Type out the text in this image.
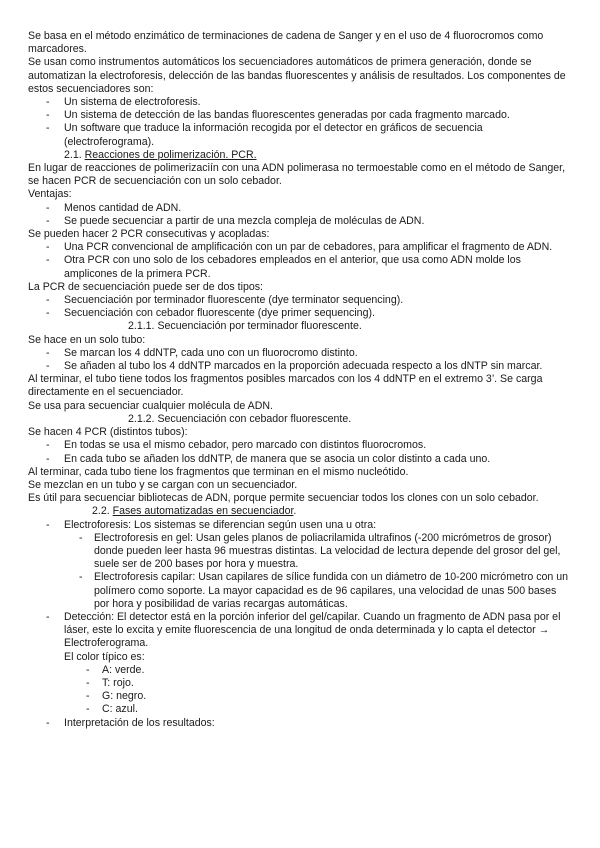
Se basa en el método enzimático de terminaciones de cadena de Sanger y en el uso de 4 fluorocromos como marcadores.

Se usan como instrumentos automáticos los secuenciadores automáticos de primera generación, donde se automatizan la electroforesis, delección de las bandas fluorescentes y análisis de resultados. Los componentes de estos secuenciadores son:

- Un sistema de electroforesis.
- Un sistema de detección de las bandas fluorescentes generadas por cada fragmento marcado.
- Un software que traduce la información recogida por el detector en gráficos de secuencia (electroferograma).

2.1. Reacciones de polimerización. PCR.

En lugar de reacciones de polimerizaciín con una ADN polimerasa no termoestable como en el método de Sanger, se hacen PCR de secuenciación con un solo cebador.

Ventajas:

- Menos cantidad de ADN.
- Se puede secuenciar a partir de una mezcla compleja de moléculas de ADN.

Se pueden hacer 2 PCR consecutivas y acopladas:

- Una PCR convencional de amplificación con un par de cebadores, para amplificar el fragmento de ADN.
- Otra PCR con uno solo de los cebadores empleados en el anterior, que usa como ADN molde los amplicones de la primera PCR.

La PCR de secuenciación puede ser de dos tipos:

- Secuenciación por terminador fluorescente (dye terminator sequencing).
- Secuenciación con cebador fluorescente (dye primer sequencing).

2.1.1. Secuenciación por terminador fluorescente.

Se hace en un solo tubo:

- Se marcan los 4 ddNTP, cada uno con un fluorocromo distinto.
- Se añaden al tubo los 4 ddNTP marcados en la proporción adecuada respecto a los dNTP sin marcar.

Al terminar, el tubo tiene todos los fragmentos posibles marcados con los 4 ddNTP en el extremo 3’. Se carga directamente en el secuenciador.

Se usa para secuenciar cualquier molécula de ADN.

2.1.2. Secuenciación con cebador fluorescente.

Se hacen 4 PCR (distintos tubos):

- En todas se usa el mismo cebador, pero marcado con distintos fluorocromos.
- En cada tubo se añaden los ddNTP, de manera que se asocia un color distinto a cada uno.

Al terminar, cada tubo tiene los fragmentos que terminan en el mismo nucleótido.

Se mezclan en un tubo y se cargan con un secuenciador.

Es útil para secuenciar bibliotecas de ADN, porque permite secuenciar todos los clones con un solo cebador.

2.2. Fases automatizadas en secuenciador.

- Electroforesis: Los sistemas se diferencian según usen una u otra:
- Electroforesis en gel: Usan geles planos de poliacrilamida ultrafinos (-200 micrómetros de grosor) donde pueden leer hasta 96 muestras distintas. La velocidad de lectura depende del grosor del gel, suele ser de 200 bases por hora y muestra.
- Electroforesis capilar: Usan capilares de sílice fundida con un diámetro de 10-200 micrómetro con un polímero como soporte. La mayor capacidad es de 96 capilares, una velocidad de unas 500 bases por hora y posibilidad de varias recargas automáticas.
- Detección: El detector está en la porción inferior del gel/capilar. Cuando un fragmento de ADN pasa por el láser, este lo excita y emite fluorescencia de una longitud de onda determinada y lo capta el detector → Electroferograma.

El color típico es:

- A: verde.
- T: rojo.
- G: negro.
- C: azul.
- Interpretación de los resultados:
